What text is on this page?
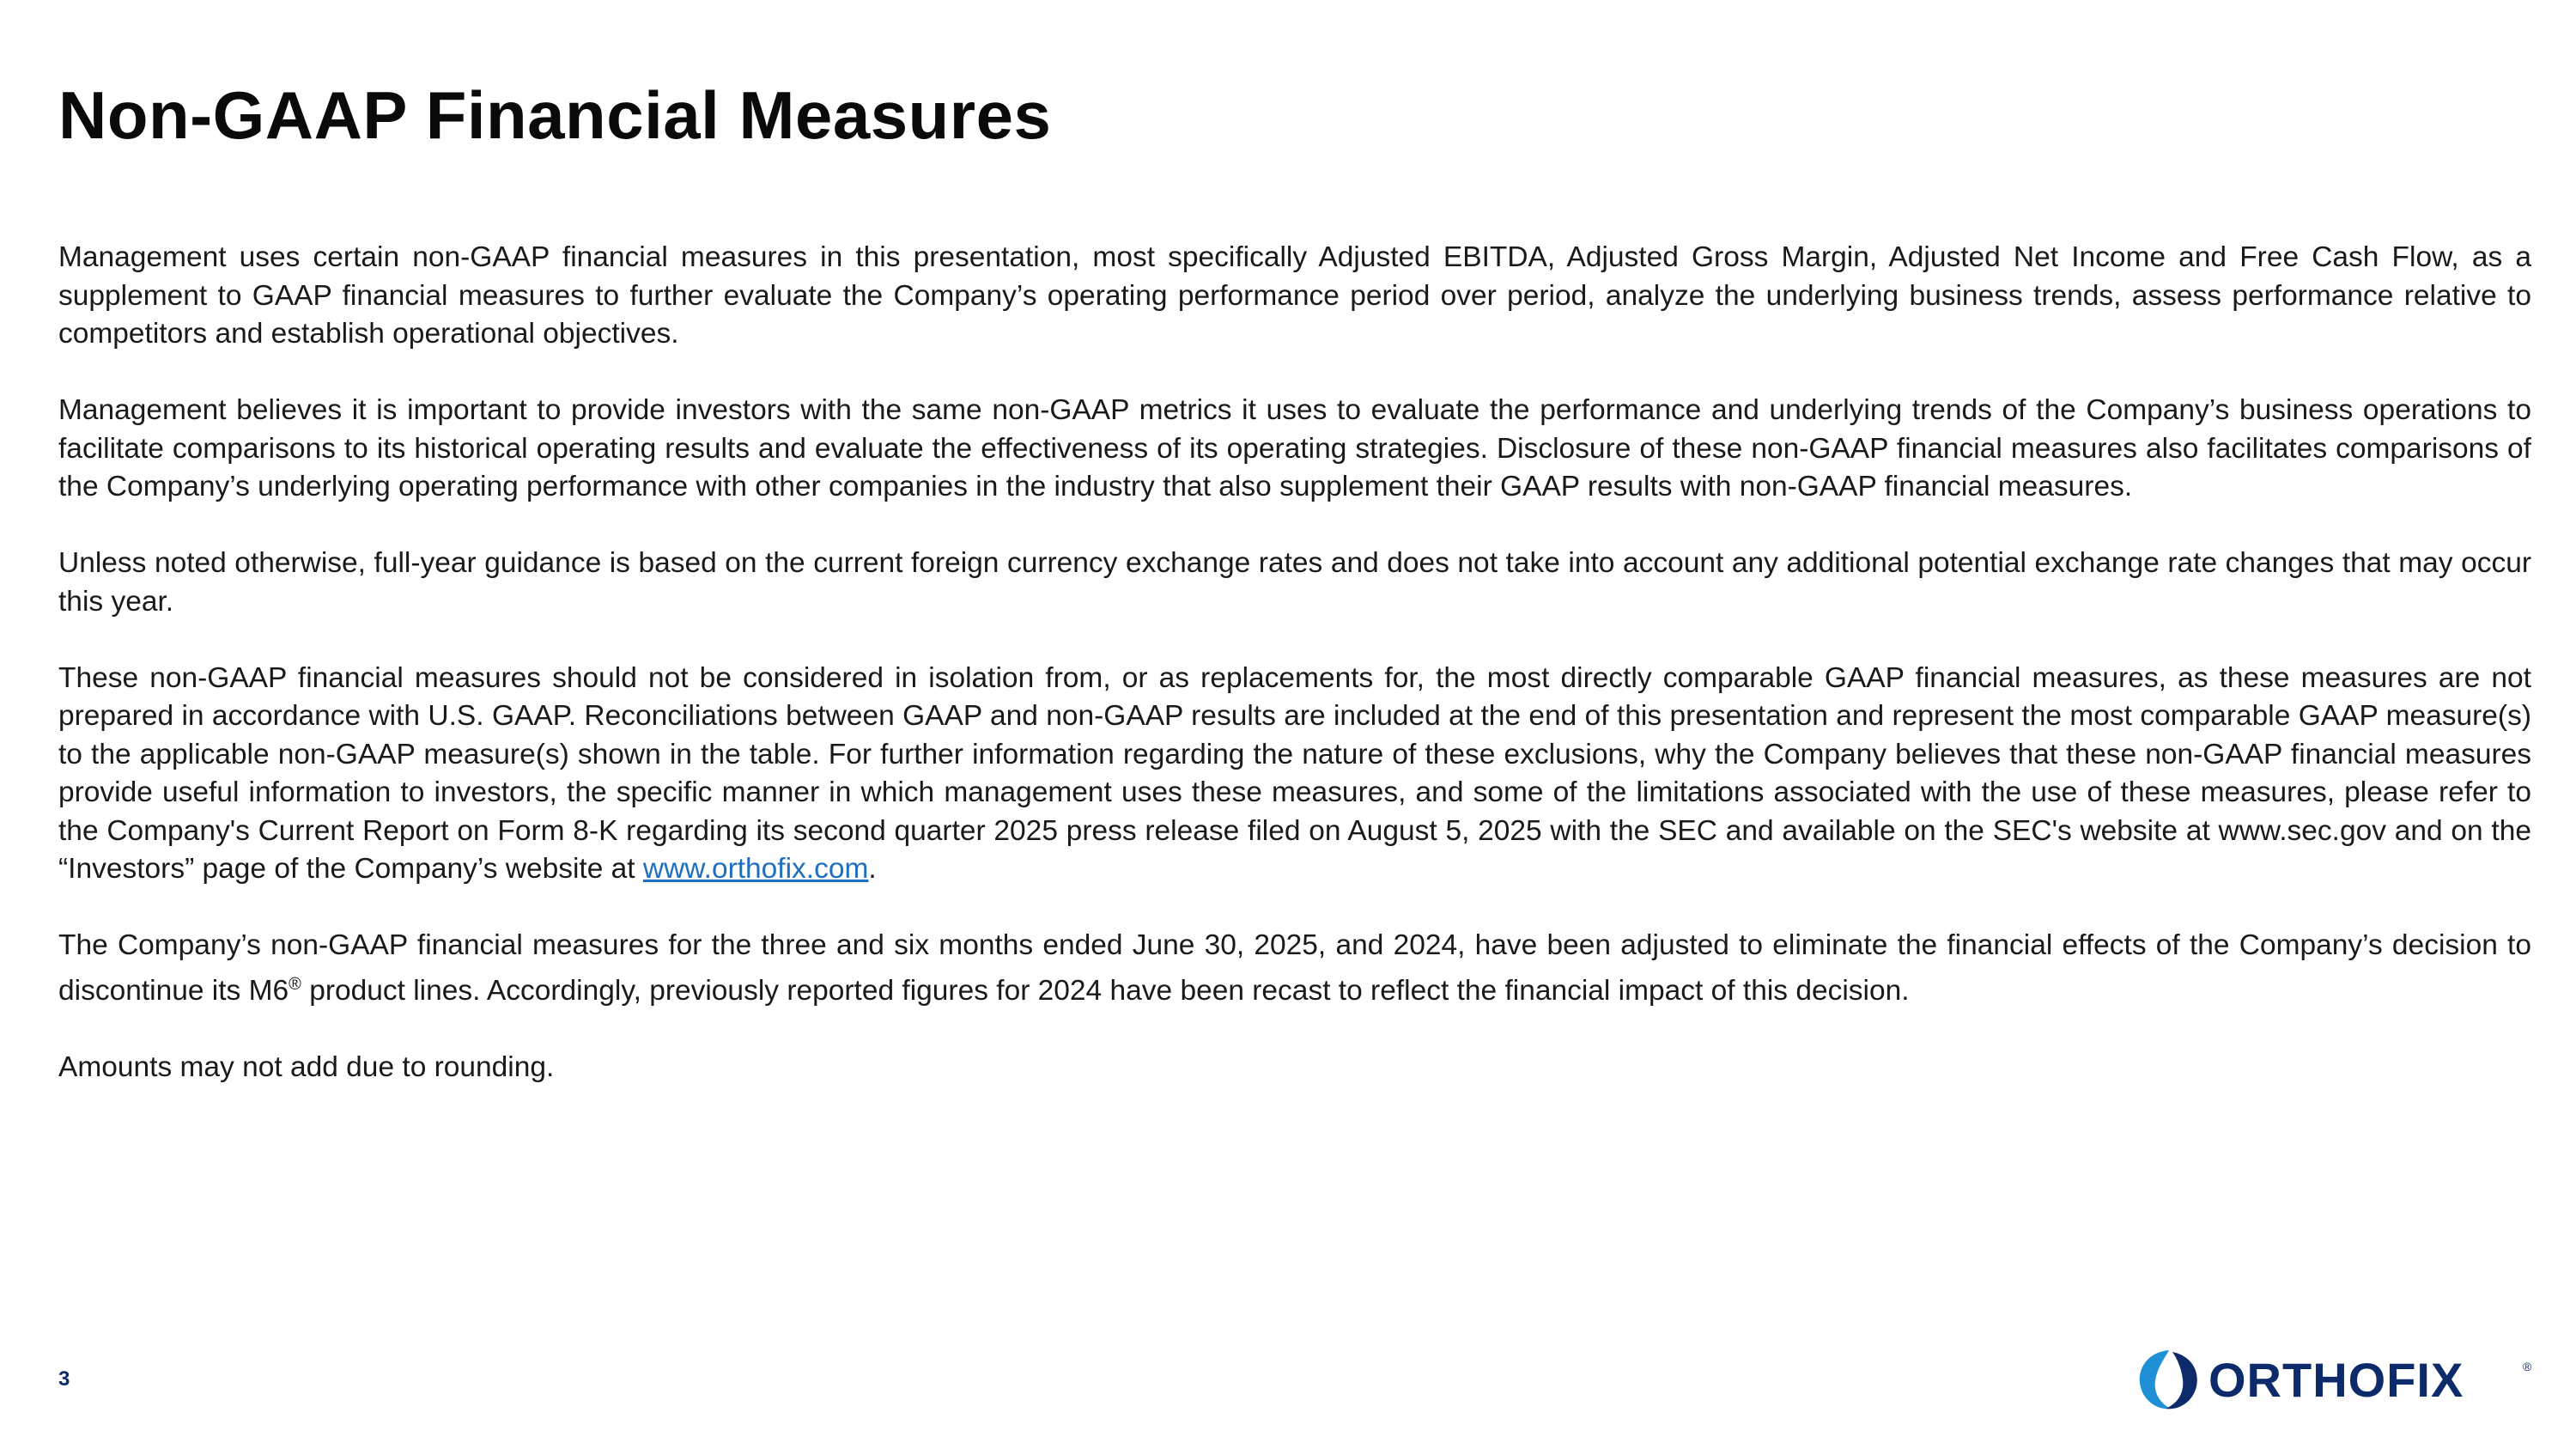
Non-GAAP Financial Measures

Management uses certain non-GAAP financial measures in this presentation, most specifically Adjusted EBITDA, Adjusted Gross Margin, Adjusted Net Income and Free Cash Flow, as a supplement to GAAP financial measures to further evaluate the Company’s operating performance period over period, analyze the underlying business trends, assess performance relative to competitors and establish operational objectives.

Management believes it is important to provide investors with the same non-GAAP metrics it uses to evaluate the performance and underlying trends of the Company’s business operations to facilitate comparisons to its historical operating results and evaluate the effectiveness of its operating strategies. Disclosure of these non-GAAP financial measures also facilitates comparisons of the Company’s underlying operating performance with other companies in the industry that also supplement their GAAP results with non-GAAP financial measures.

Unless noted otherwise, full-year guidance is based on the current foreign currency exchange rates and does not take into account any additional potential exchange rate changes that may occur this year.

These non-GAAP financial measures should not be considered in isolation from, or as replacements for, the most directly comparable GAAP financial measures, as these measures are not prepared in accordance with U.S. GAAP. Reconciliations between GAAP and non-GAAP results are included at the end of this presentation and represent the most comparable GAAP measure(s) to the applicable non-GAAP measure(s) shown in the table. For further information regarding the nature of these exclusions, why the Company believes that these non-GAAP financial measures provide useful information to investors, the specific manner in which management uses these measures, and some of the limitations associated with the use of these measures, please refer to the Company's Current Report on Form 8-K regarding its second quarter 2025 press release filed on August 5, 2025 with the SEC and available on the SEC's website at www.sec.gov and on the “Investors” page of the Company’s website at www.orthofix.com.

The Company’s non-GAAP financial measures for the three and six months ended June 30, 2025, and 2024, have been adjusted to eliminate the financial effects of the Company’s decision to discontinue its M6® product lines. Accordingly, previously reported figures for 2024 have been recast to reflect the financial impact of this decision.

Amounts may not add due to rounding.

3	ORTHOFIX	®
